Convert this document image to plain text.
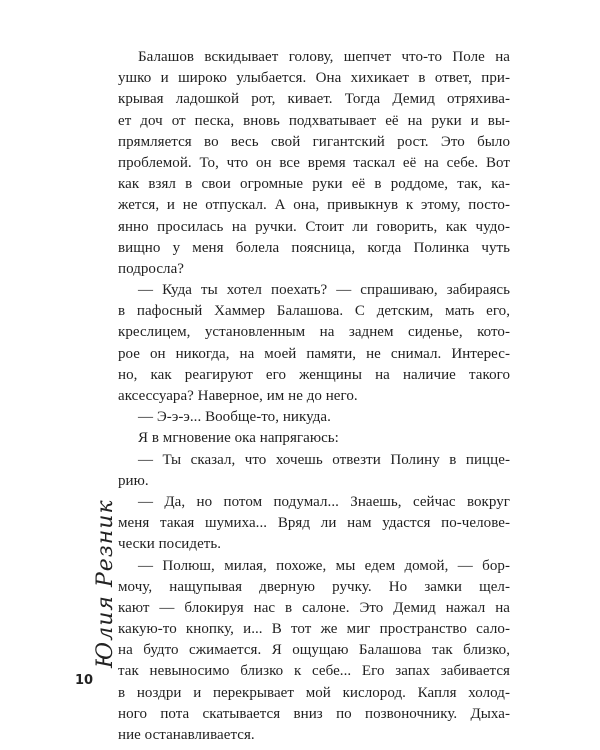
Балашов вскидывает голову, шепчет что-то Поле на
ушко и широко улыбается. Она хихикает в ответ, при-
крывая ладошкой рот, кивает. Тогда Демид отряхива-
ет доч от песка, вновь подхватывает её на руки и вы-
прямляется во весь свой гигантский рост. Это было
проблемой. То, что он все время таскал её на себе. Вот
как взял в свои огромные руки её в роддоме, так, ка-
жется, и не отпускал. А она, привыкнув к этому, посто-
янно просилась на ручки. Стоит ли говорить, как чудо-
вищно у меня болела поясница, когда Полинка чуть
подросла?
— Куда ты хотел поехать? — спрашиваю, забираясь
в пафосный Хаммер Балашова. С детским, мать его,
креслицем, установленным на заднем сиденье, кото-
рое он никогда, на моей памяти, не снимал. Интерес-
но, как реагируют его женщины на наличие такого
аксессуара? Наверное, им не до него.
— Э-э-э... Вообще-то, никуда.
Я в мгновение ока напрягаюсь:
— Ты сказал, что хочешь отвезти Полину в пицце-
рию.
— Да, но потом подумал... Знаешь, сейчас вокруг
меня такая шумиха... Вряд ли нам удастся по-челове-
чески посидеть.
— Полюш, милая, похоже, мы едем домой, — бор-
мочу, нащупывая дверную ручку. Но замки щел-
кают — блокируя нас в салоне. Это Демид нажал на
какую-то кнопку, и... В тот же миг пространство сало-
на будто сжимается. Я ощущаю Балашова так близко,
так невыносимо близко к себе... Его запах забивается
в ноздри и перекрывает мой кислород. Капля холод-
ного пота скатывается вниз по позвоночнику. Дыха-
ние останавливается.
Юлия Резник
10
